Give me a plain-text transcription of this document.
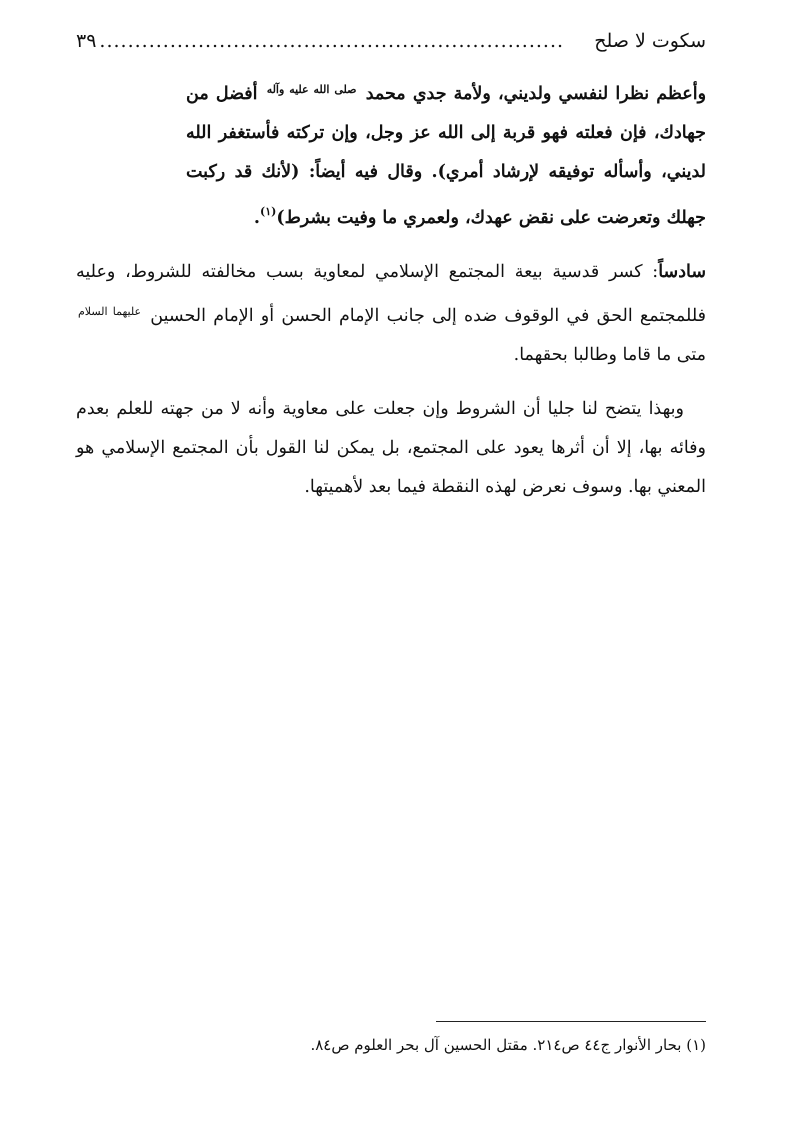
سكوت لا صلح
..................................................................
٣٩

وأعظم نظرا لنفسي ولديني، ولأمة جدي محمد $^{صلى الله عليه وآله}$ أفضل من جهادك، فإن فعلته فهو قربة إلى الله عز وجل، وإن تركته فأستغفر الله لديني، وأسأله توفيقه لإرشاد أمري). وقال فيه أيضاً: (لأنك قد ركبت جهلك وتعرضت على نقض عهدك، ولعمري ما وفيت بشرط)$^{(١)}$.

سادساً: كسر قدسية بيعة المجتمع الإسلامي لمعاوية بسب مخالفته للشروط، وعليه فللمجتمع الحق في الوقوف ضده إلى جانب الإمام الحسن أو الإمام الحسين $^{عليهما السلام}$ متى ما قاما وطالبا بحقهما.

وبهذا يتضح لنا جليا أن الشروط وإن جعلت على معاوية وأنه لا من جهته للعلم بعدم وفائه بها، إلا أن أثرها يعود على المجتمع، بل يمكن لنا القول بأن المجتمع الإسلامي هو المعني بها. وسوف نعرض لهذه النقطة فيما بعد لأهميتها.

(١) بحار الأنوار ج٤٤ ص٢١٤. مقتل الحسين آل بحر العلوم ص٨٤.
